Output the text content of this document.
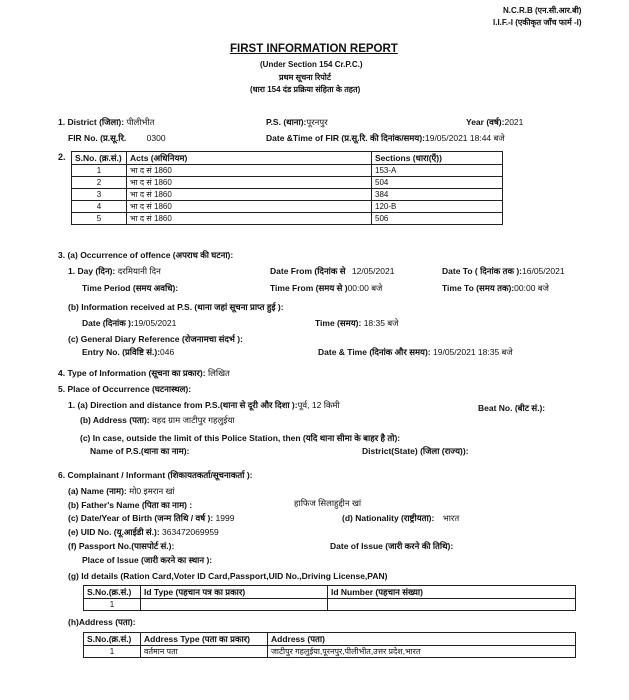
N.C.R.B (एन.सी.आर.बी)
I.I.F.-I (एकीकृत जाँच फार्म -I)
FIRST INFORMATION REPORT
(Under Section 154 Cr.P.C.)
प्रथम सूचना रिपोर्ट
(धारा 154 दंड प्रक्रिया संहिता के तहत)
1. District (जिला): पीलीभीत	P.S. (थाना):पूरनपुर	Year (वर्ष):2021
FIR No. (प्र.सू.रि. 0300	Date &Time of FIR (प्र.सू.रि. की दिनांक/समय):19/05/2021 18:44 बजे
2. S.No. (क्र.सं.)	Acts (अधिनियम)	Sections (धारा(एँ))
1	भा द सं 1860	153-A
2	भा द सं 1860	504
3	भा द सं 1860	384
4	भा द सं 1860	120-B
5	भा द सं 1860	506
3. (a) Occurrence of offence (अपराध की घटना):
1. Day (दिन): दरमियानी दिन	Date From (दिनांक से 12/05/2021	Date To ( दिनांक तक ):16/05/2021
Time Period (समय अवधि):	Time From (समय से )00:00 बजे	Time To (समय तक):00:00 बजे
(b) Information received at P.S. (थाना जहां सूचना प्राप्त हुई ):
Date (दिनांक ):19/05/2021	Time (समय): 18:35 बजे
(c) General Diary Reference (रोजनामचा संदर्भ ):
Entry No. (प्रविष्टि सं.):046	Date & Time (दिनांक और समय): 19/05/2021 18:35 बजे
4. Type of Information (सूचना का प्रकार): लिखित
5. Place of Occurrence (घटनास्थल):
1. (a) Direction and distance from P.S.(थाना से दूरी और दिशा ):पूर्व, 12 किमी	Beat No. (बीट सं.):
(b) Address (पता): वहद ग्राम जाटीपुर गहलुईया
(c) In case, outside the limit of this Police Station, then (यदि थाना सीमा के बाहर है तो):
Name of P.S.(थाना का नाम):	District(State) (जिला (राज्य)):
6. Complainant / Informant (शिकायतकर्ता/सूचनाकर्ता ):
(a) Name (नाम): मो0 इमरान खां
(b) Father's Name (पिता का नाम) :	हाफिज सिलाहुद्दीन खां
(c) Date/Year of Birth (जन्म तिथि / वर्ष ): 1999	(d) Nationality (राष्ट्रीयता): भारत
(e) UID No. (यू.आईडी सं.): 363472069959
(f) Passport No.(पासपोर्ट सं.):	Date of Issue (जारी करने की तिथि):
Place of Issue (जारी करने का स्थान ):
(g) Id details (Ration Card,Voter ID Card,Passport,UID No.,Driving License,PAN)
S.No.(क्र.सं.)	Id Type (पहचान पत्र का प्रकार)	Id Number (पहचान संख्या)
1		
(h)Address (पता):
S.No.(क्र.सं.)	Address Type (पता का प्रकार)	Address (पता)
1	वर्तमान पता	जाटीपुर गहलुईया,पूरनपुर,पीलीभीत,उत्तर प्रदेश,भारत
